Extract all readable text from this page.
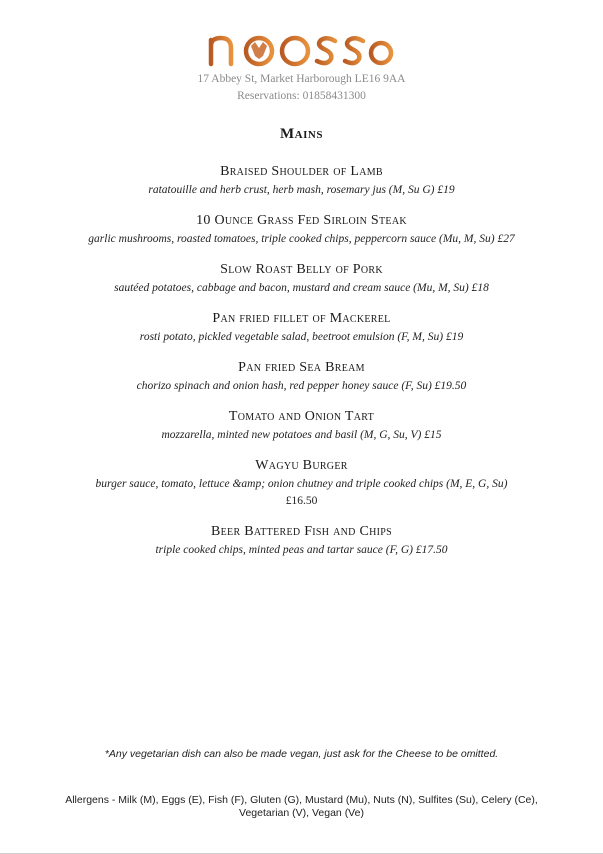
17 Abbey St, Market Harborough LE16 9AA
Reservations: 01858431300
Mains
Braised Shoulder of Lamb
ratatouille and herb crust, herb mash, rosemary jus (M, Su G) £19
10 Ounce Grass Fed Sirloin Steak
garlic mushrooms, roasted tomatoes, triple cooked chips, peppercorn sauce (Mu, M, Su) £27
Slow Roast Belly of Pork
sautéed potatoes, cabbage and bacon, mustard and cream sauce (Mu, M, Su) £18
Pan fried fillet of Mackerel
rosti potato, pickled vegetable salad, beetroot emulsion (F, M, Su) £19
Pan fried Sea Bream
chorizo spinach and onion hash, red pepper honey sauce (F, Su) £19.50
Tomato and Onion Tart
mozzarella, minted new potatoes and basil (M, G, Su, V) £15
Wagyu Burger
burger sauce, tomato, lettuce &amp; onion chutney and triple cooked chips (M, E, G, Su)
£16.50
Beer Battered Fish and Chips
triple cooked chips, minted peas and tartar sauce (F, G) £17.50
*Any vegetarian dish can also be made vegan, just ask for the Cheese to be omitted.
Allergens - Milk (M), Eggs (E), Fish (F), Gluten (G), Mustard (Mu), Nuts (N), Sulfites (Su), Celery (Ce), Vegetarian (V), Vegan (Ve)
